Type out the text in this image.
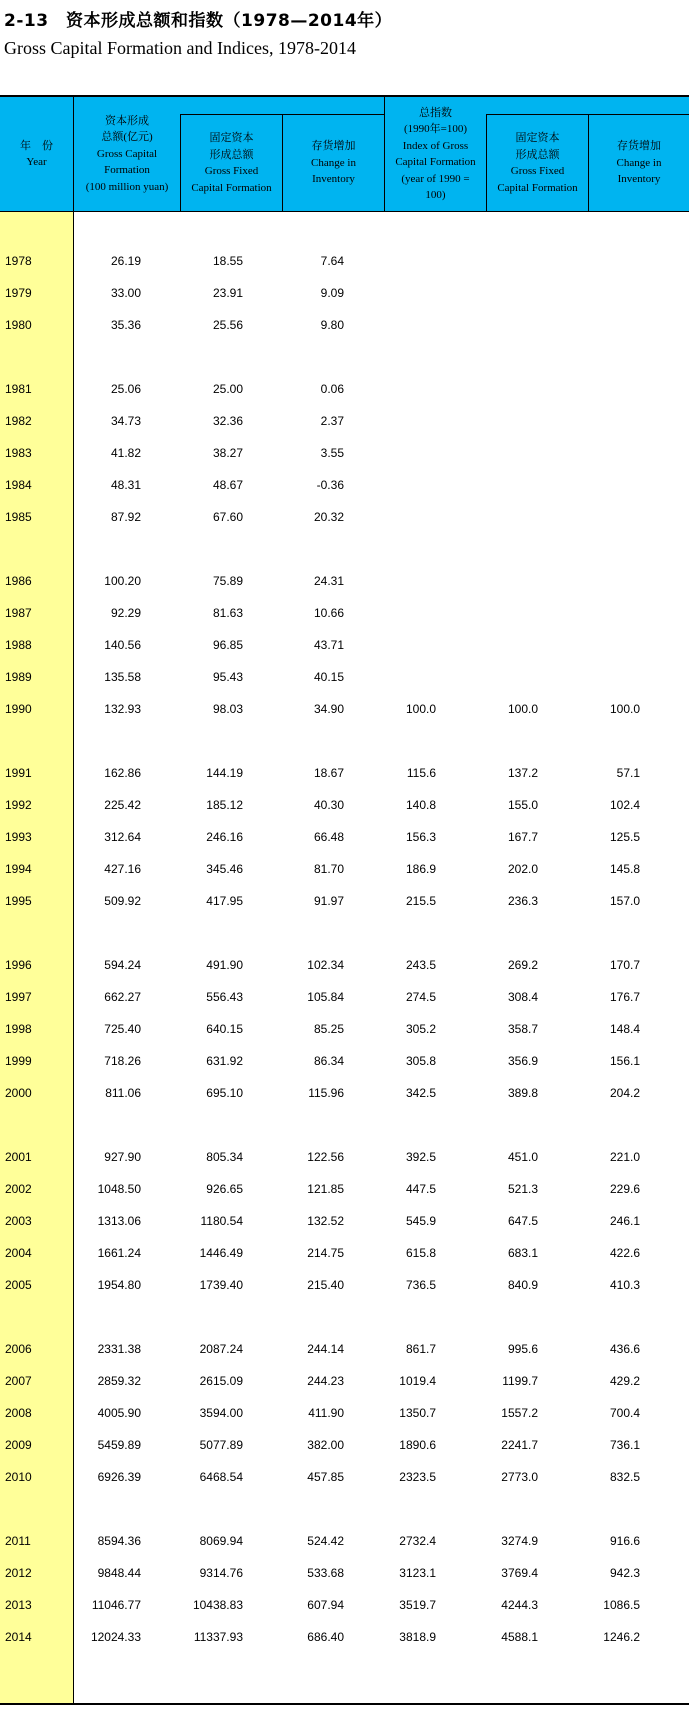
2-13　资本形成总额和指数（1978—2014年）
Gross Capital Formation and Indices, 1978-2014
年　份
Year
资本形成
总额(亿元)
Gross Capital
Formation
(100 million yuan)
固定资本
形成总额
Gross Fixed
Capital Formation
存货增加
Change in
Inventory
总指数
(1990年=100)
Index of Gross
Capital Formation
(year of 1990 =
100)
固定资本
形成总额
Gross Fixed
Capital Formation
存货增加
Change in
Inventory
1978	26.19	18.55	7.64
1979	33.00	23.91	9.09
1980	35.36	25.56	9.80
1981	25.06	25.00	0.06
1982	34.73	32.36	2.37
1983	41.82	38.27	3.55
1984	48.31	48.67	-0.36
1985	87.92	67.60	20.32
1986	100.20	75.89	24.31
1987	92.29	81.63	10.66
1988	140.56	96.85	43.71
1989	135.58	95.43	40.15
1990	132.93	98.03	34.90	100.0	100.0	100.0
1991	162.86	144.19	18.67	115.6	137.2	57.1
1992	225.42	185.12	40.30	140.8	155.0	102.4
1993	312.64	246.16	66.48	156.3	167.7	125.5
1994	427.16	345.46	81.70	186.9	202.0	145.8
1995	509.92	417.95	91.97	215.5	236.3	157.0
1996	594.24	491.90	102.34	243.5	269.2	170.7
1997	662.27	556.43	105.84	274.5	308.4	176.7
1998	725.40	640.15	85.25	305.2	358.7	148.4
1999	718.26	631.92	86.34	305.8	356.9	156.1
2000	811.06	695.10	115.96	342.5	389.8	204.2
2001	927.90	805.34	122.56	392.5	451.0	221.0
2002	1048.50	926.65	121.85	447.5	521.3	229.6
2003	1313.06	1180.54	132.52	545.9	647.5	246.1
2004	1661.24	1446.49	214.75	615.8	683.1	422.6
2005	1954.80	1739.40	215.40	736.5	840.9	410.3
2006	2331.38	2087.24	244.14	861.7	995.6	436.6
2007	2859.32	2615.09	244.23	1019.4	1199.7	429.2
2008	4005.90	3594.00	411.90	1350.7	1557.2	700.4
2009	5459.89	5077.89	382.00	1890.6	2241.7	736.1
2010	6926.39	6468.54	457.85	2323.5	2773.0	832.5
2011	8594.36	8069.94	524.42	2732.4	3274.9	916.6
2012	9848.44	9314.76	533.68	3123.1	3769.4	942.3
2013	11046.77	10438.83	607.94	3519.7	4244.3	1086.5
2014	12024.33	11337.93	686.40	3818.9	4588.1	1246.2
